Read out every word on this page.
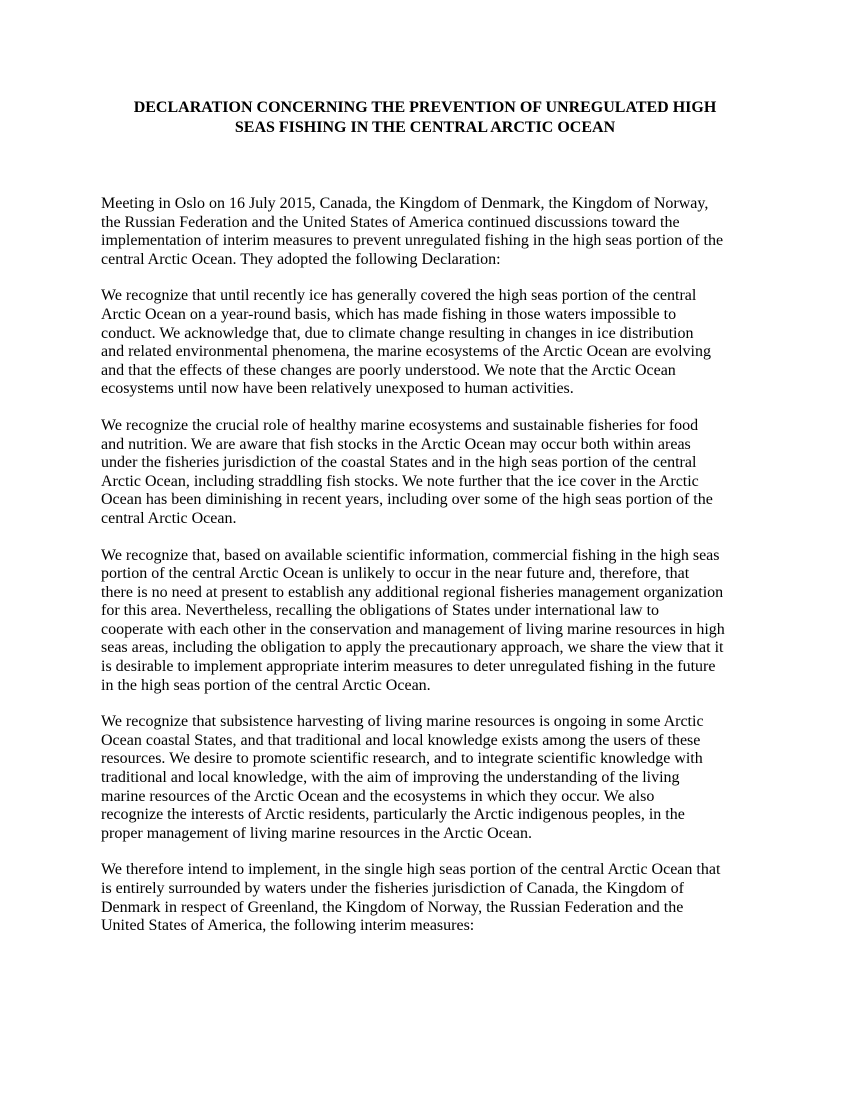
DECLARATION CONCERNING THE PREVENTION OF UNREGULATED HIGH
SEAS FISHING IN THE CENTRAL ARCTIC OCEAN

Meeting in Oslo on 16 July 2015, Canada, the Kingdom of Denmark, the Kingdom of Norway,
the Russian Federation and the United States of America continued discussions toward the
implementation of interim measures to prevent unregulated fishing in the high seas portion of the
central Arctic Ocean. They adopted the following Declaration:

We recognize that until recently ice has generally covered the high seas portion of the central
Arctic Ocean on a year-round basis, which has made fishing in those waters impossible to
conduct. We acknowledge that, due to climate change resulting in changes in ice distribution
and related environmental phenomena, the marine ecosystems of the Arctic Ocean are evolving
and that the effects of these changes are poorly understood. We note that the Arctic Ocean
ecosystems until now have been relatively unexposed to human activities.

We recognize the crucial role of healthy marine ecosystems and sustainable fisheries for food
and nutrition. We are aware that fish stocks in the Arctic Ocean may occur both within areas
under the fisheries jurisdiction of the coastal States and in the high seas portion of the central
Arctic Ocean, including straddling fish stocks. We note further that the ice cover in the Arctic
Ocean has been diminishing in recent years, including over some of the high seas portion of the
central Arctic Ocean.

We recognize that, based on available scientific information, commercial fishing in the high seas
portion of the central Arctic Ocean is unlikely to occur in the near future and, therefore, that
there is no need at present to establish any additional regional fisheries management organization
for this area. Nevertheless, recalling the obligations of States under international law to
cooperate with each other in the conservation and management of living marine resources in high
seas areas, including the obligation to apply the precautionary approach, we share the view that it
is desirable to implement appropriate interim measures to deter unregulated fishing in the future
in the high seas portion of the central Arctic Ocean.

We recognize that subsistence harvesting of living marine resources is ongoing in some Arctic
Ocean coastal States, and that traditional and local knowledge exists among the users of these
resources. We desire to promote scientific research, and to integrate scientific knowledge with
traditional and local knowledge, with the aim of improving the understanding of the living
marine resources of the Arctic Ocean and the ecosystems in which they occur. We also
recognize the interests of Arctic residents, particularly the Arctic indigenous peoples, in the
proper management of living marine resources in the Arctic Ocean.

We therefore intend to implement, in the single high seas portion of the central Arctic Ocean that
is entirely surrounded by waters under the fisheries jurisdiction of Canada, the Kingdom of
Denmark in respect of Greenland, the Kingdom of Norway, the Russian Federation and the
United States of America, the following interim measures:
